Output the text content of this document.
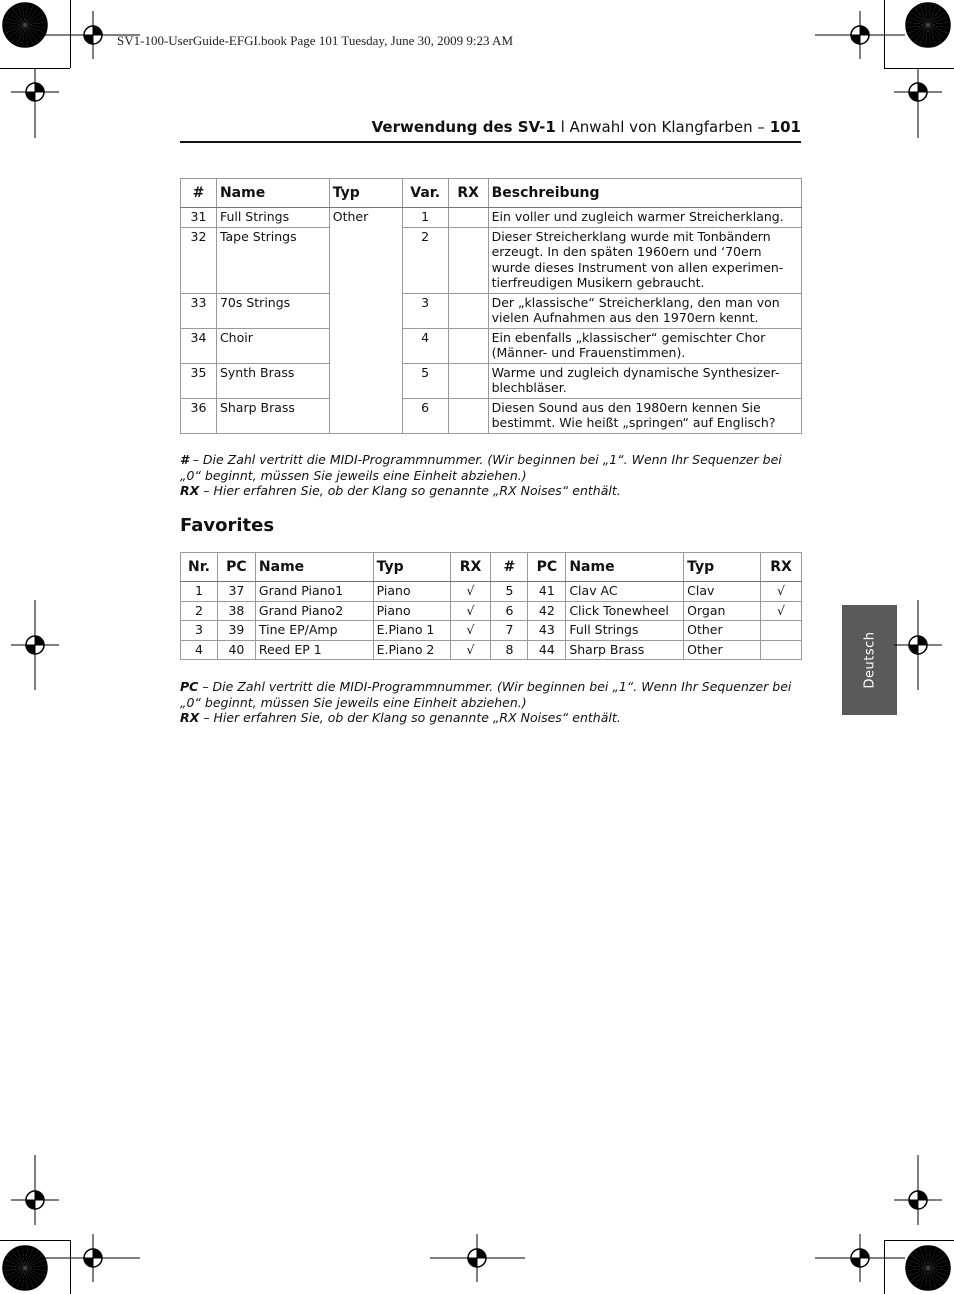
SV1-100-UserGuide-EFGI.book Page 101 Tuesday, June 30, 2009 9:23 AM
Verwendung des SV-1 l Anwahl von Klangfarben – 101
#	Name	Typ	Var.	RX	Beschreibung
31	Full Strings	Other	1		Ein voller und zugleich warmer Streicherklang.
32	Tape Strings		2		Dieser Streicherklang wurde mit Tonbändern erzeugt. In den späten 1960ern und ‘70ern wurde dieses Instrument von allen experimen-tierfreudigen Musikern gebraucht.
33	70s Strings		3		Der „klassische“ Streicherklang, den man von vielen Aufnahmen aus den 1970ern kennt.
34	Choir		4		Ein ebenfalls „klassischer“ gemischter Chor (Männer- und Frauenstimmen).
35	Synth Brass		5		Warme und zugleich dynamische Synthesizer-blechbläser.
36	Sharp Brass		6		Diesen Sound aus den 1980ern kennen Sie bestimmt. Wie heißt „springen“ auf Englisch?
# – Die Zahl vertritt die MIDI-Programmnummer. (Wir beginnen bei „1“. Wenn Ihr Sequenzer bei „0“ beginnt, müssen Sie jeweils eine Einheit abziehen.)
RX – Hier erfahren Sie, ob der Klang so genannte „RX Noises“ enthält.
Favorites
Nr.	PC	Name	Typ	RX	#	PC	Name	Typ	RX
1	37	Grand Piano1	Piano	√	5	41	Clav AC	Clav	√
2	38	Grand Piano2	Piano	√	6	42	Click Tonewheel	Organ	√
3	39	Tine EP/Amp	E.Piano 1	√	7	43	Full Strings	Other	
4	40	Reed EP 1	E.Piano 2	√	8	44	Sharp Brass	Other	
PC – Die Zahl vertritt die MIDI-Programmnummer. (Wir beginnen bei „1“. Wenn Ihr Sequenzer bei „0“ beginnt, müssen Sie jeweils eine Einheit abziehen.)
RX – Hier erfahren Sie, ob der Klang so genannte „RX Noises“ enthält.
Deutsch
